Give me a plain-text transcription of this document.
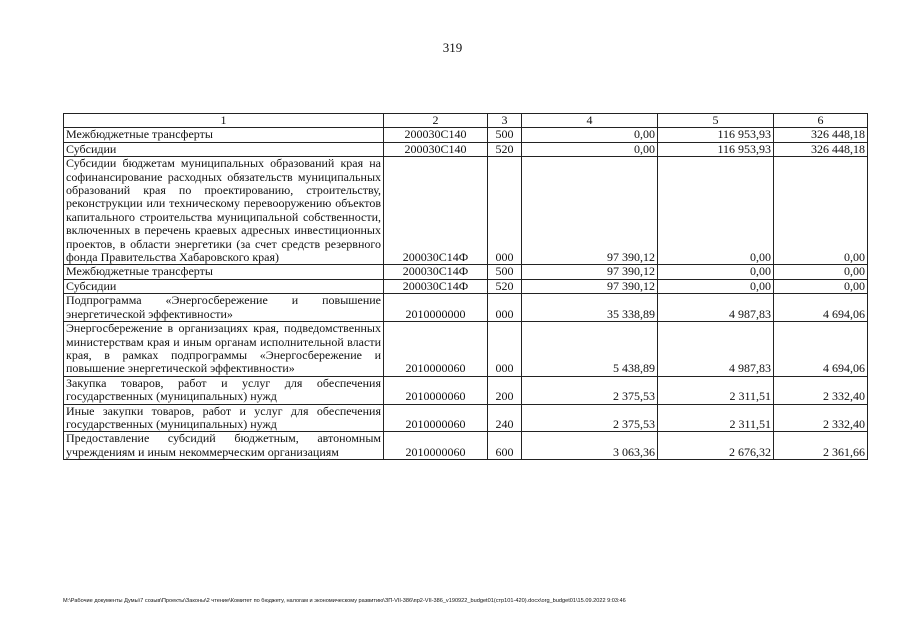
319
1	2	3	4	5	6
Межбюджетные трансферты	200030С140	500	0,00	116 953,93	326 448,18
Субсидии	200030С140	520	0,00	116 953,93	326 448,18
Субсидии бюджетам муниципальных образований края на софинансирование расходных обязательств муниципальных образований края по проектированию, строительству, реконструкции или техническому перевооружению объектов капитального строительства муниципальной собственности, включенных в перечень краевых адресных инвестиционных проектов, в области энергетики (за счет средств резервного фонда Правительства Хабаровского края)	200030С14Ф	000	97 390,12	0,00	0,00
Межбюджетные трансферты	200030С14Ф	500	97 390,12	0,00	0,00
Субсидии	200030С14Ф	520	97 390,12	0,00	0,00
Подпрограмма «Энергосбережение и повышение энергетической эффективности»	2010000000	000	35 338,89	4 987,83	4 694,06
Энергосбережение в организациях края, подведомственных министерствам края и иным органам исполнительной власти края, в рамках подпрограммы «Энергосбережение и повышение энергетической эффективности»	2010000060	000	5 438,89	4 987,83	4 694,06
Закупка товаров, работ и услуг для обеспечения государственных (муниципальных) нужд	2010000060	200	2 375,53	2 311,51	2 332,40
Иные закупки товаров, работ и услуг для обеспечения государственных (муниципальных) нужд	2010000060	240	2 375,53	2 311,51	2 332,40
Предоставление субсидий бюджетным, автономным учреждениям и иным некоммерческим организациям	2010000060	600	3 063,36	2 676,32	2 361,66
M:\Рабочие документы Думы\7 созыв\Проекты\Законы\2 чтение\Комитет по бюджету, налогам и экономическому развитию\ЗП-VII-386\пр2-VII-386_v190922_budget01(стр101-420).docx\org_budget01\15.09.2022 9:03:46
